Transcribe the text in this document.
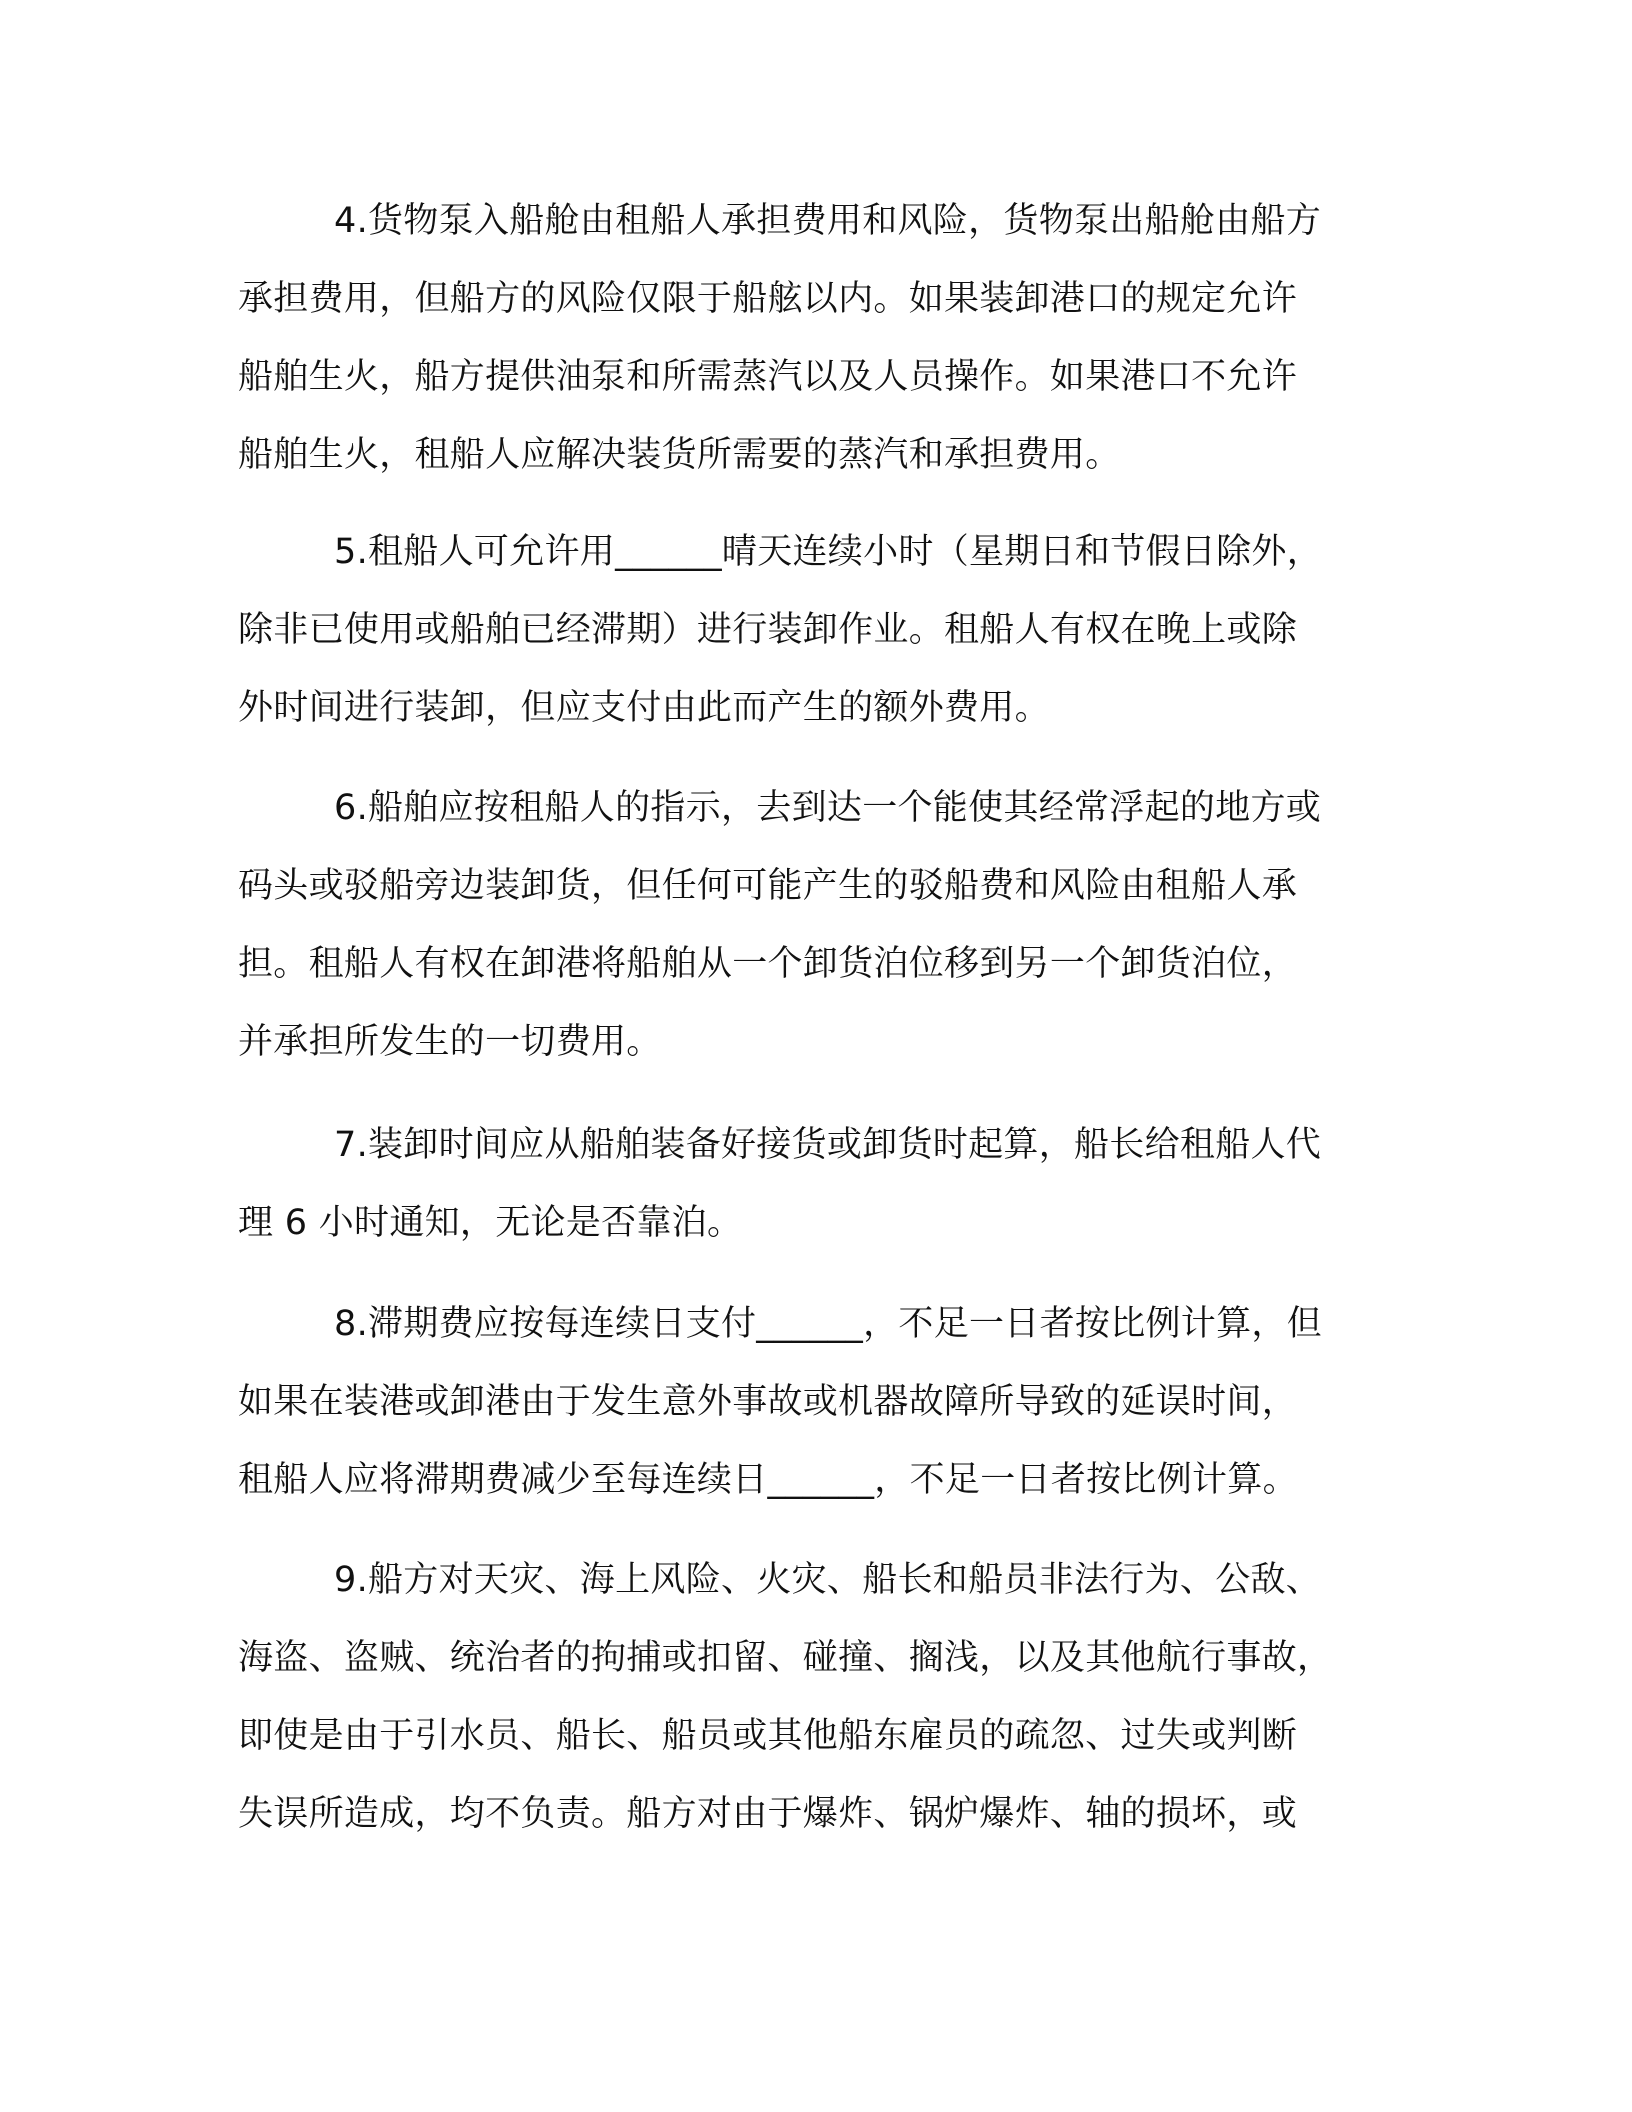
4.货物泵入船舱由租船人承担费用和风险，货物泵出船舱由船方
承担费用，但船方的风险仅限于船舷以内。如果装卸港口的规定允许
船舶生火，船方提供油泵和所需蒸汽以及人员操作。如果港口不允许
船舶生火，租船人应解决装货所需要的蒸汽和承担费用。
5.租船人可允许用______晴天连续小时（星期日和节假日除外，
除非已使用或船舶已经滞期）进行装卸作业。租船人有权在晚上或除
外时间进行装卸，但应支付由此而产生的额外费用。
6.船舶应按租船人的指示，去到达一个能使其经常浮起的地方或
码头或驳船旁边装卸货，但任何可能产生的驳船费和风险由租船人承
担。租船人有权在卸港将船舶从一个卸货泊位移到另一个卸货泊位，
并承担所发生的一切费用。
7.装卸时间应从船舶装备好接货或卸货时起算，船长给租船人代
理 6 小时通知，无论是否靠泊。
8.滞期费应按每连续日支付______，不足一日者按比例计算，但
如果在装港或卸港由于发生意外事故或机器故障所导致的延误时间，
租船人应将滞期费减少至每连续日______，不足一日者按比例计算。
9.船方对天灾、海上风险、火灾、船长和船员非法行为、公敌、
海盗、盗贼、统治者的拘捕或扣留、碰撞、搁浅，以及其他航行事故，
即使是由于引水员、船长、船员或其他船东雇员的疏忽、过失或判断
失误所造成，均不负责。船方对由于爆炸、锅炉爆炸、轴的损坏，或
